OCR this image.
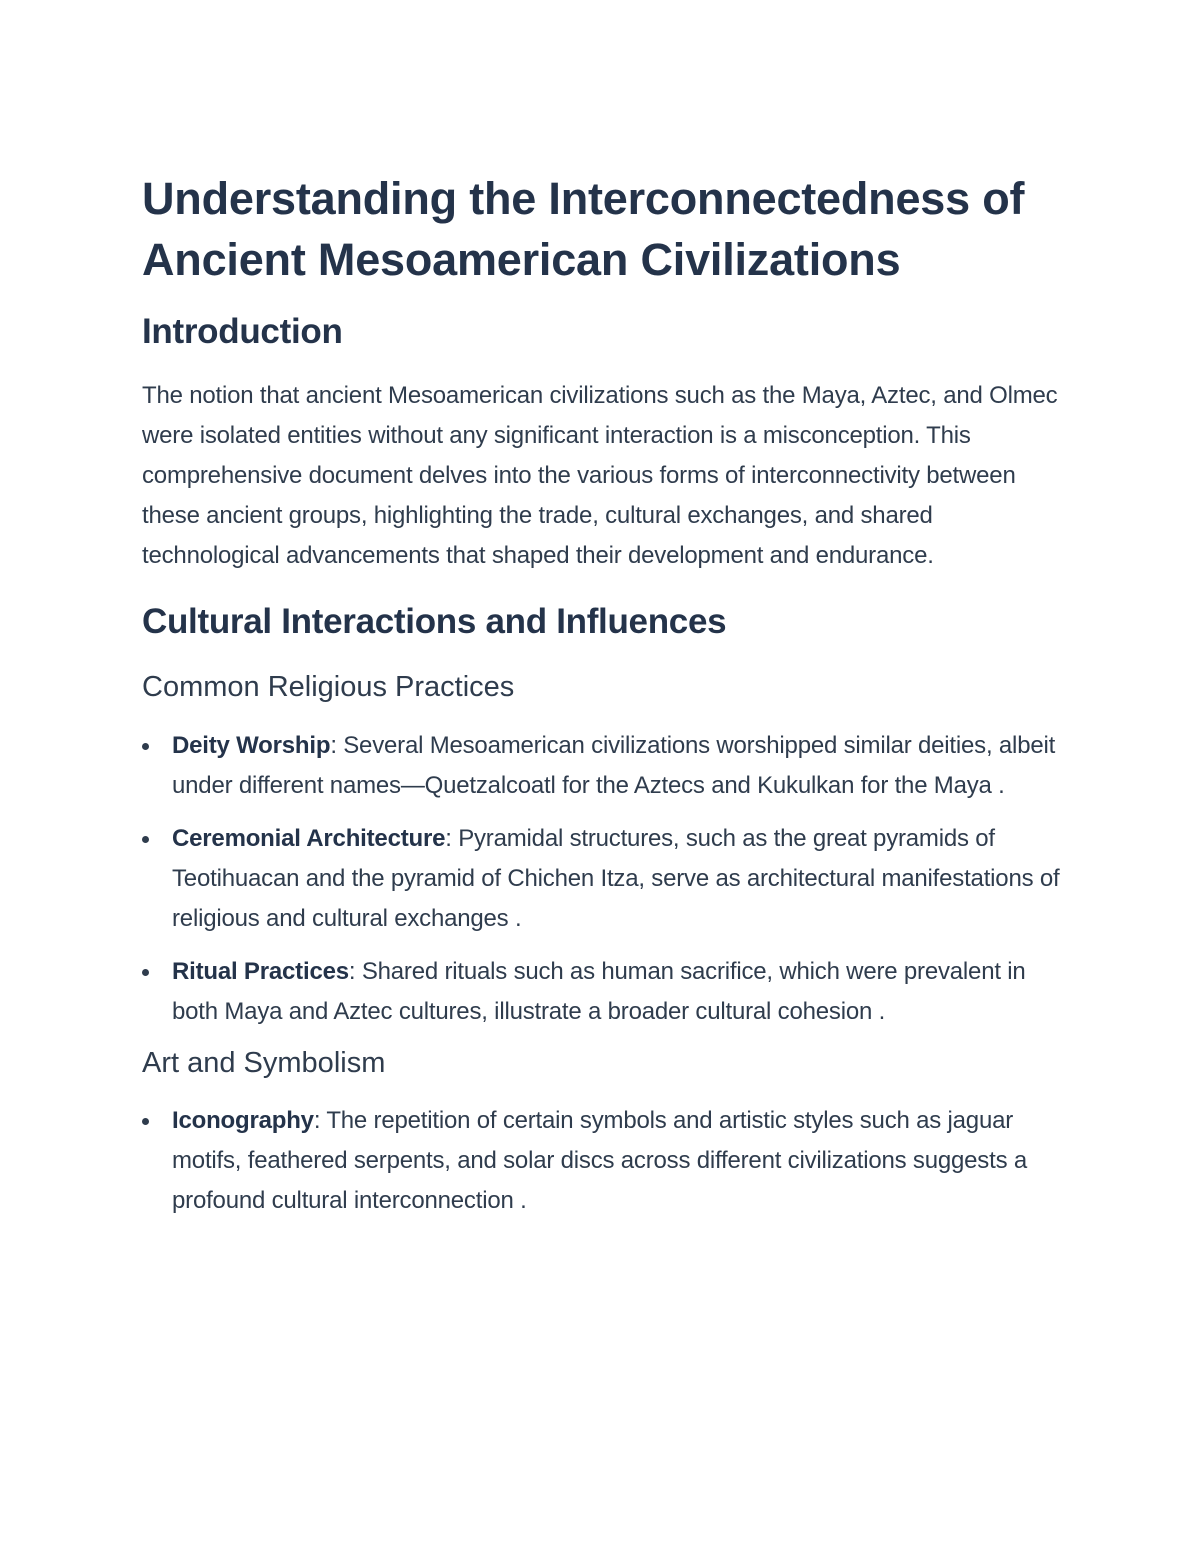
Understanding the Interconnectedness of Ancient Mesoamerican Civilizations
Introduction

The notion that ancient Mesoamerican civilizations such as the Maya, Aztec, and Olmec were isolated entities without any significant interaction is a misconception. This comprehensive document delves into the various forms of interconnectivity between these ancient groups, highlighting the trade, cultural exchanges, and shared technological advancements that shaped their development and endurance.

Cultural Interactions and Influences
Common Religious Practices
Deity Worship: Several Mesoamerican civilizations worshipped similar deities, albeit under different names—Quetzalcoatl for the Aztecs and Kukulkan for the Maya .
Ceremonial Architecture: Pyramidal structures, such as the great pyramids of Teotihuacan and the pyramid of Chichen Itza, serve as architectural manifestations of religious and cultural exchanges .
Ritual Practices: Shared rituals such as human sacrifice, which were prevalent in both Maya and Aztec cultures, illustrate a broader cultural cohesion .
Art and Symbolism
Iconography: The repetition of certain symbols and artistic styles such as jaguar motifs, feathered serpents, and solar discs across different civilizations suggests a profound cultural interconnection .
